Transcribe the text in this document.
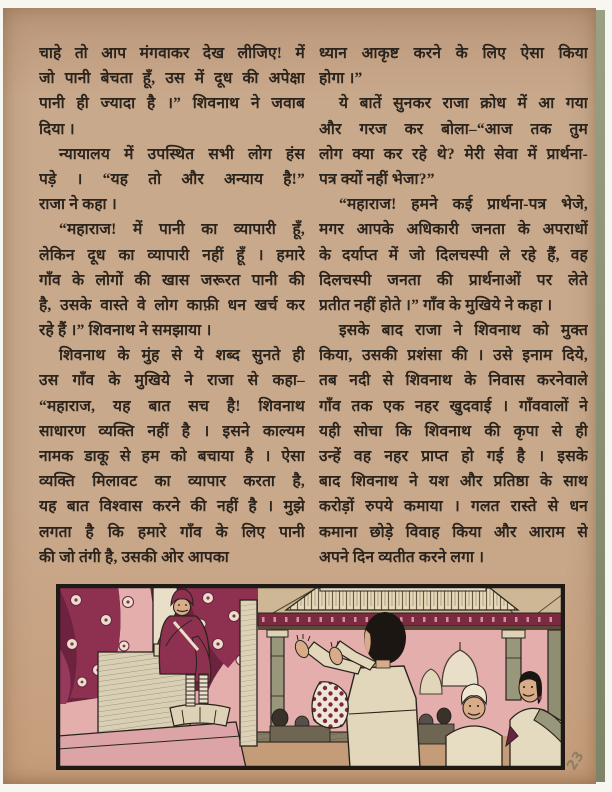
चाहे तो आप मंगवाकर देख लीजिए! में
जो पानी बेचता हूँ, उस में दूध की अपेक्षा
पानी ही ज्यादा है ।” शिवनाथ ने जवाब
दिया ।
न्यायालय में उपस्थित सभी लोग हंस
पड़े । “यह तो और अन्याय है!”
राजा ने कहा ।
“महाराज! में पानी का व्यापारी हूँ,
लेकिन दूध का व्यापारी नहीं हूँ । हमारे
गाँव के लोगों की खास जरूरत पानी की
है, उसके वास्ते वे लोग काफ़ी धन खर्च कर
रहे हैं ।” शिवनाथ ने समझाया ।
शिवनाथ के मुंह से ये शब्द सुनते ही
उस गाँव के मुखिये ने राजा से कहा–
“महाराज, यह बात सच है! शिवनाथ
साधारण व्यक्ति नहीं है । इसने काल्यम
नामक डाकू से हम को बचाया है । ऐसा
व्यक्ति मिलावट का व्यापार करता है,
यह बात विश्वास करने की नहीं है । मुझे
लगता है कि हमारे गाँव के लिए पानी
की जो तंगी है, उसकी ओर आपका
ध्यान आकृष्ट करने के लिए ऐसा किया
होगा ।”
ये बातें सुनकर राजा क्रोध में आ गया
और गरज कर बोला–“आज तक तुम
लोग क्या कर रहे थे? मेरी सेवा में प्रार्थना-
पत्र क्यों नहीं भेजा?”
“महाराज! हमने कई प्रार्थना-पत्र भेजे,
मगर आपके अधिकारी जनता के अपराधों
के दर्याप्त में जो दिलचस्पी ले रहे हैं, वह
दिलचस्पी जनता की प्रार्थनाओं पर लेते
प्रतीत नहीं होते ।” गाँव के मुखिये ने कहा ।
इसके बाद राजा ने शिवनाथ को मुक्त
किया, उसकी प्रशंसा की । उसे इनाम दिये,
तब नदी से शिवनाथ के निवास करनेवाले
गाँव तक एक नहर खुदवाई । गाँववालों ने
यही सोचा कि शिवनाथ की कृपा से ही
उन्हें वह नहर प्राप्त हो गई है । इसके
बाद शिवनाथ ने यश और प्रतिष्ठा के साथ
करोड़ों रुपये कमाया । गलत रास्ते से धन
कमाना छोड़े विवाह किया और आराम से
अपने दिन व्यतीत करने लगा ।
23
